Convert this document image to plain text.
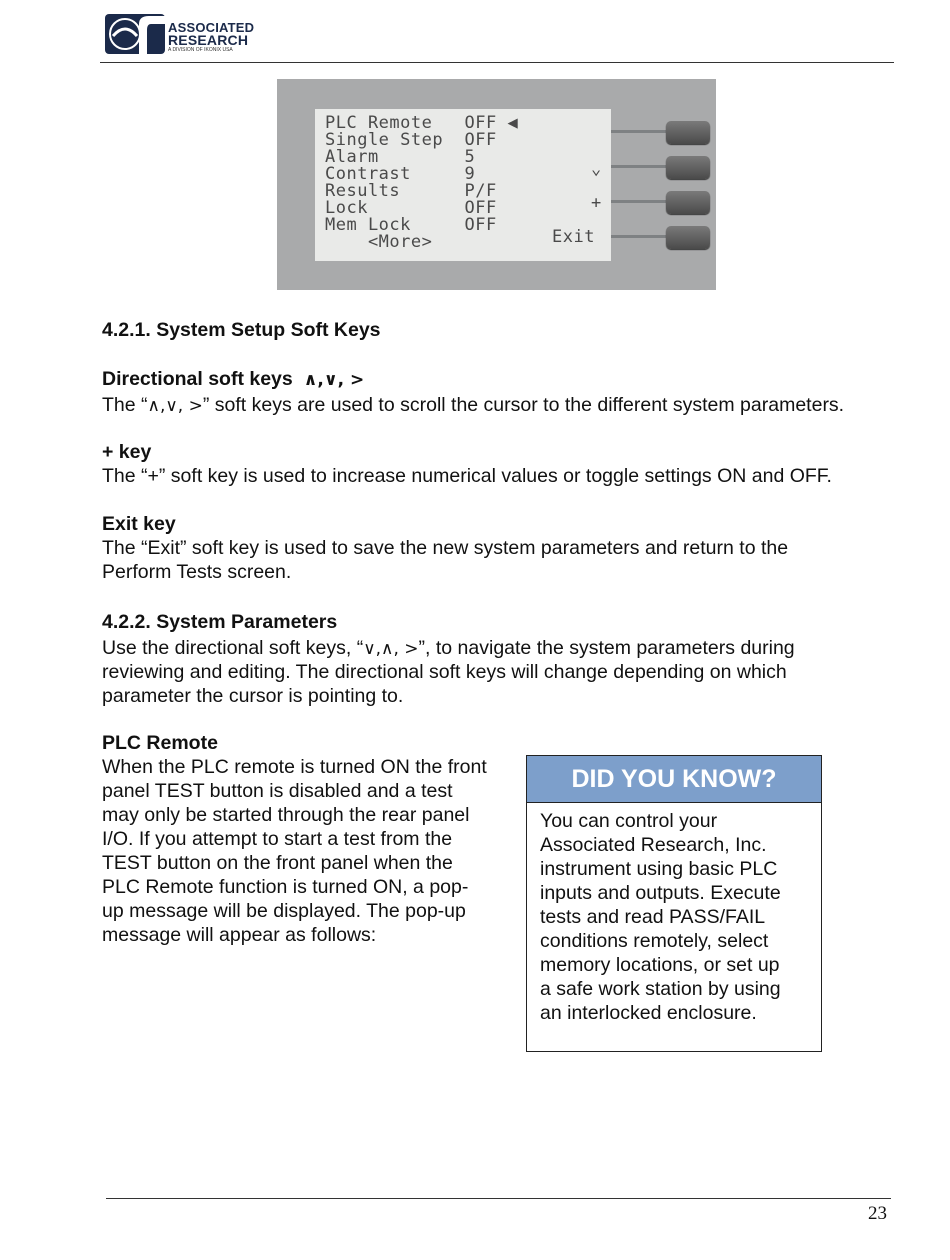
ASSOCIATED
RESEARCH
A DIVISION OF IKONIX USA
PLC Remote   OFF ◀
Single Step  OFF
Alarm        5
Contrast     9
Results      P/F
Lock         OFF
Mem Lock     OFF
<More>
⌄
+
Exit
4.2.1. System Setup Soft Keys
Directional soft keys ∧,∨, >
The “∧,∨, >” soft keys are used to scroll the cursor to the different system parameters.
+ key
The “+” soft key is used to increase numerical values or toggle settings ON and OFF.
Exit key
The “Exit” soft key is used to save the new system parameters and return to the
Perform Tests screen.
4.2.2. System Parameters
Use the directional soft keys, “∨,∧, >”, to navigate the system parameters during
reviewing and editing. The directional soft keys will change depending on which
parameter the cursor is pointing to.
PLC Remote
When the PLC remote is turned ON the front
panel TEST button is disabled and a test
may only be started through the rear panel
I/O. If you attempt to start a test from the
TEST button on the front panel when the
PLC Remote function is turned ON, a pop-
up message will be displayed. The pop-up
message will appear as follows:
DID YOU KNOW?
You can control your
Associated Research, Inc.
instrument using basic PLC
inputs and outputs. Execute
tests and read PASS/FAIL
conditions remotely, select
memory locations, or set up
a safe work station by using
an interlocked enclosure.
23
